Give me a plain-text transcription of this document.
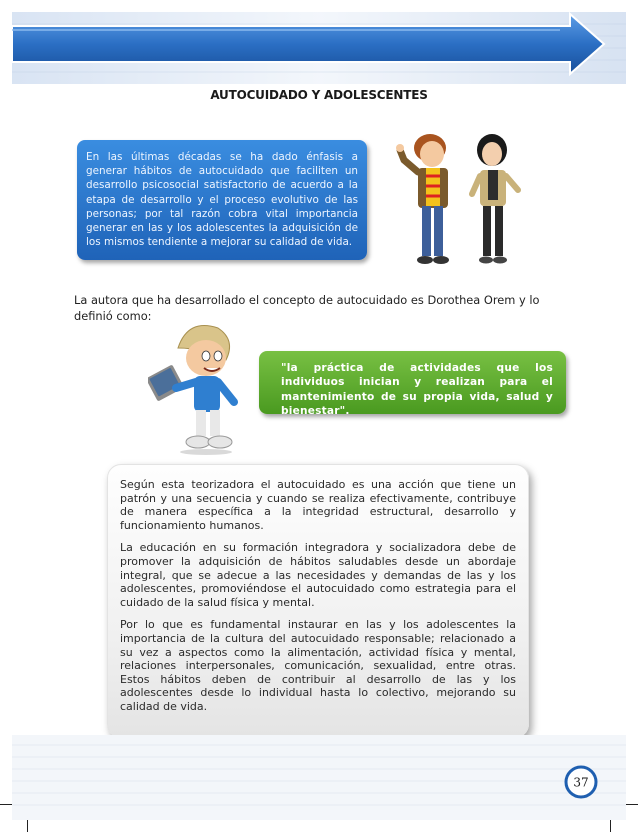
AUTOCUIDADO Y ADOLESCENTES
En las últimas décadas se ha dado énfasis a generar hábitos de autocuidado que faciliten un desarrollo psicosocial satisfactorio de acuerdo a la etapa de desarrollo y el proceso evolutivo de las personas; por tal razón cobra vital importancia generar en las y los adolescentes la adquisición de los mismos tendiente a mejorar su calidad de vida.
La autora que ha desarrollado el concepto de autocuidado es Dorothea Orem y lo definió como:
"la práctica de actividades que los individuos inician y realizan para el mantenimiento de su propia vida, salud y bienestar".

Según esta teorizadora el autocuidado es una acción que tiene un patrón y una secuencia y cuando se realiza efectivamente, contribuye de manera específica a la integridad estructural, desarrollo y funcionamiento humanos.

La educación en su formación integradora y socializadora debe de promover la adquisición de hábitos saludables desde un abordaje integral, que se adecue a las necesidades y demandas de las y los adolescentes, promoviéndose el autocuidado como estrategia para el cuidado de la salud física y mental.

Por lo que es fundamental instaurar en las y los adolescentes la importancia de la cultura del autocuidado responsable; relacionado a su vez a aspectos como la alimentación, actividad física y mental, relaciones interpersonales, comunicación, sexualidad, entre otras. Estos hábitos deben de contribuir al desarrollo de las y los adolescentes desde lo individual hasta lo colectivo, mejorando su calidad de vida.

37
